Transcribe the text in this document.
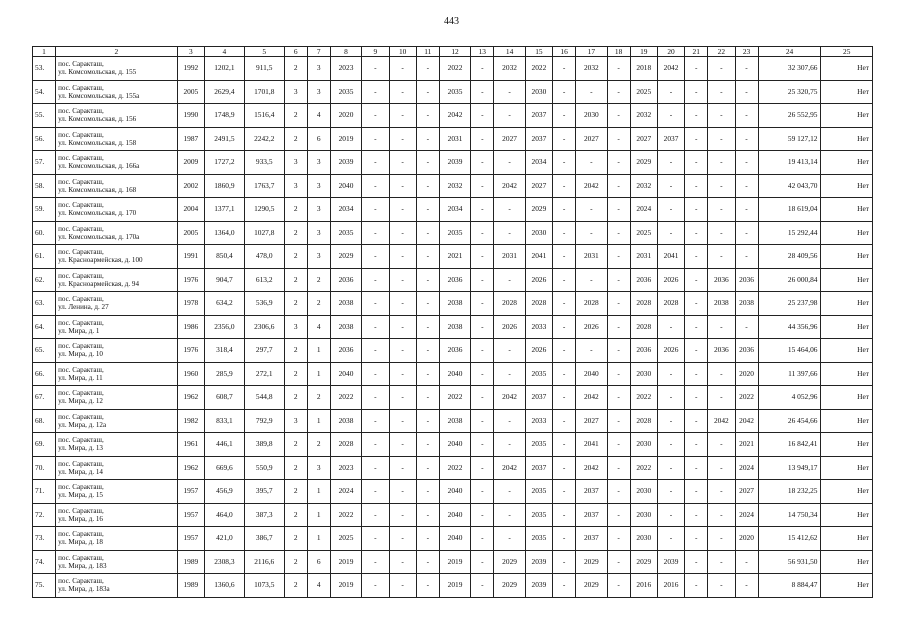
443
1	2	3	4	5	6	7	8	9	10	11	12	13	14	15	16	17	18	19	20	21	22	23	24	25
53.	пос. Саракташ,
ул. Комсомольская, д. 155	1992	1202,1	911,5	2	3	2023	-	-	-	2022	-	2032	2022	-	2032	-	2018	2042	-	-	-	32 307,66	Нет
54.	пос. Саракташ,
ул. Комсомольская, д. 155а	2005	2629,4	1701,8	3	3	2035	-	-	-	2035	-	-	2030	-	-	-	2025	-	-	-	-	25 320,75	Нет
55.	пос. Саракташ,
ул. Комсомольская, д. 156	1990	1748,9	1516,4	2	4	2020	-	-	-	2042	-	-	2037	-	2030	-	2032	-	-	-	-	26 552,95	Нет
56.	пос. Саракташ,
ул. Комсомольская, д. 158	1987	2491,5	2242,2	2	6	2019	-	-	-	2031	-	2027	2037	-	2027	-	2027	2037	-	-	-	59 127,12	Нет
57.	пос. Саракташ,
ул. Комсомольская, д. 166а	2009	1727,2	933,5	3	3	2039	-	-	-	2039	-	-	2034	-	-	-	2029	-	-	-	-	19 413,14	Нет
58.	пос. Саракташ,
ул. Комсомольская, д. 168	2002	1860,9	1763,7	3	3	2040	-	-	-	2032	-	2042	2027	-	2042	-	2032	-	-	-	-	42 043,70	Нет
59.	пос. Саракташ,
ул. Комсомольская, д. 170	2004	1377,1	1290,5	2	3	2034	-	-	-	2034	-	-	2029	-	-	-	2024	-	-	-	-	18 619,04	Нет
60.	пос. Саракташ,
ул. Комсомольская, д. 170а	2005	1364,0	1027,8	2	3	2035	-	-	-	2035	-	-	2030	-	-	-	2025	-	-	-	-	15 292,44	Нет
61.	пос. Саракташ,
ул. Красноармейская, д. 100	1991	850,4	478,0	2	3	2029	-	-	-	2021	-	2031	2041	-	2031	-	2031	2041	-	-	-	28 409,56	Нет
62.	пос. Саракташ,
ул. Красноармейская, д. 94	1976	904,7	613,2	2	2	2036	-	-	-	2036	-	-	2026	-	-	-	2036	2026	-	2036	2036	26 000,84	Нет
63.	пос. Саракташ,
ул. Ленина, д. 27	1978	634,2	536,9	2	2	2038	-	-	-	2038	-	2028	2028	-	2028	-	2028	2028	-	2038	2038	25 237,98	Нет
64.	пос. Саракташ,
ул. Мира, д. 1	1986	2356,0	2306,6	3	4	2038	-	-	-	2038	-	2026	2033	-	2026	-	2028	-	-	-	-	44 356,96	Нет
65.	пос. Саракташ,
ул. Мира, д. 10	1976	318,4	297,7	2	1	2036	-	-	-	2036	-	-	2026	-	-	-	2036	2026	-	2036	2036	15 464,06	Нет
66.	пос. Саракташ,
ул. Мира, д. 11	1960	285,9	272,1	2	1	2040	-	-	-	2040	-	-	2035	-	2040	-	2030	-	-	-	2020	11 397,66	Нет
67.	пос. Саракташ,
ул. Мира, д. 12	1962	608,7	544,8	2	2	2022	-	-	-	2022	-	2042	2037	-	2042	-	2022	-	-	-	2022	4 052,96	Нет
68.	пос. Саракташ,
ул. Мира, д. 12а	1982	833,1	792,9	3	1	2038	-	-	-	2038	-	-	2033	-	2027	-	2028	-	-	2042	2042	26 454,66	Нет
69.	пос. Саракташ,
ул. Мира, д. 13	1961	446,1	389,8	2	2	2028	-	-	-	2040	-	-	2035	-	2041	-	2030	-	-	-	2021	16 842,41	Нет
70.	пос. Саракташ,
ул. Мира, д. 14	1962	669,6	550,9	2	3	2023	-	-	-	2022	-	2042	2037	-	2042	-	2022	-	-	-	2024	13 949,17	Нет
71.	пос. Саракташ,
ул. Мира, д. 15	1957	456,9	395,7	2	1	2024	-	-	-	2040	-	-	2035	-	2037	-	2030	-	-	-	2027	18 232,25	Нет
72.	пос. Саракташ,
ул. Мира, д. 16	1957	464,0	387,3	2	1	2022	-	-	-	2040	-	-	2035	-	2037	-	2030	-	-	-	2024	14 750,34	Нет
73.	пос. Саракташ,
ул. Мира, д. 18	1957	421,0	386,7	2	1	2025	-	-	-	2040	-	-	2035	-	2037	-	2030	-	-	-	2020	15 412,62	Нет
74.	пос. Саракташ,
ул. Мира, д. 183	1989	2308,3	2116,6	2	6	2019	-	-	-	2019	-	2029	2039	-	2029	-	2029	2039	-	-	-	56 931,50	Нет
75.	пос. Саракташ,
ул. Мира, д. 183а	1989	1360,6	1073,5	2	4	2019	-	-	-	2019	-	2029	2039	-	2029	-	2016	2016	-	-	-	8 884,47	Нет
